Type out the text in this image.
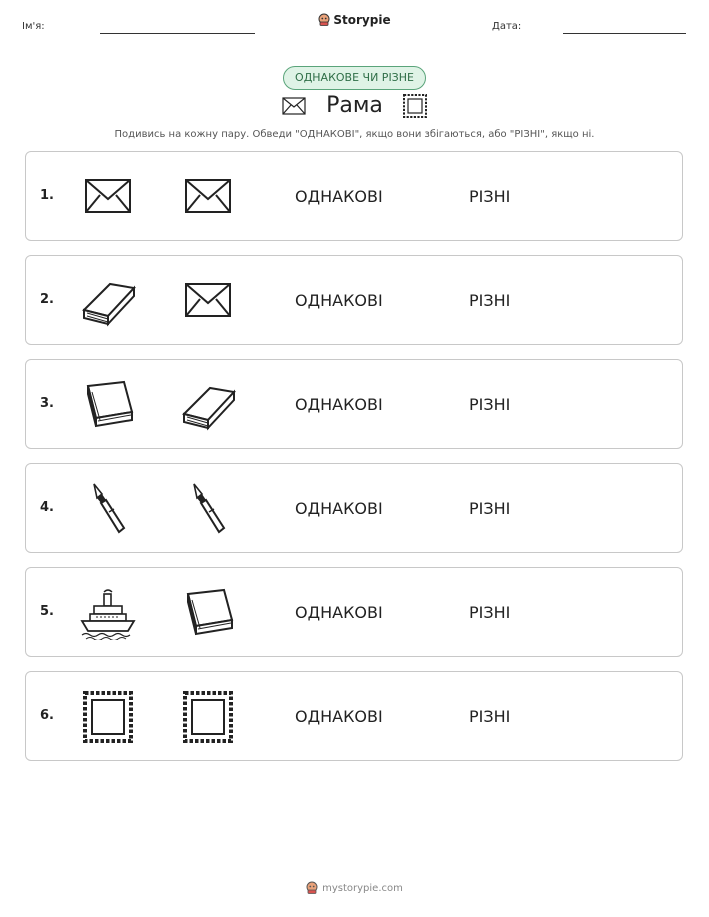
Ім'я:	Storypie	Дата:
ОДНАКОВЕ ЧИ РІЗНЕ
Рама
Подивись на кожну пару. Обведи "ОДНАКОВІ", якщо вони збігаються, або "РІЗНІ", якщо ні.
1.	ОДНАКОВІ	РІЗНІ
2.	ОДНАКОВІ	РІЗНІ
3.	ОДНАКОВІ	РІЗНІ
4.	ОДНАКОВІ	РІЗНІ
5.	ОДНАКОВІ	РІЗНІ
6.	ОДНАКОВІ	РІЗНІ
mystorypie.com
